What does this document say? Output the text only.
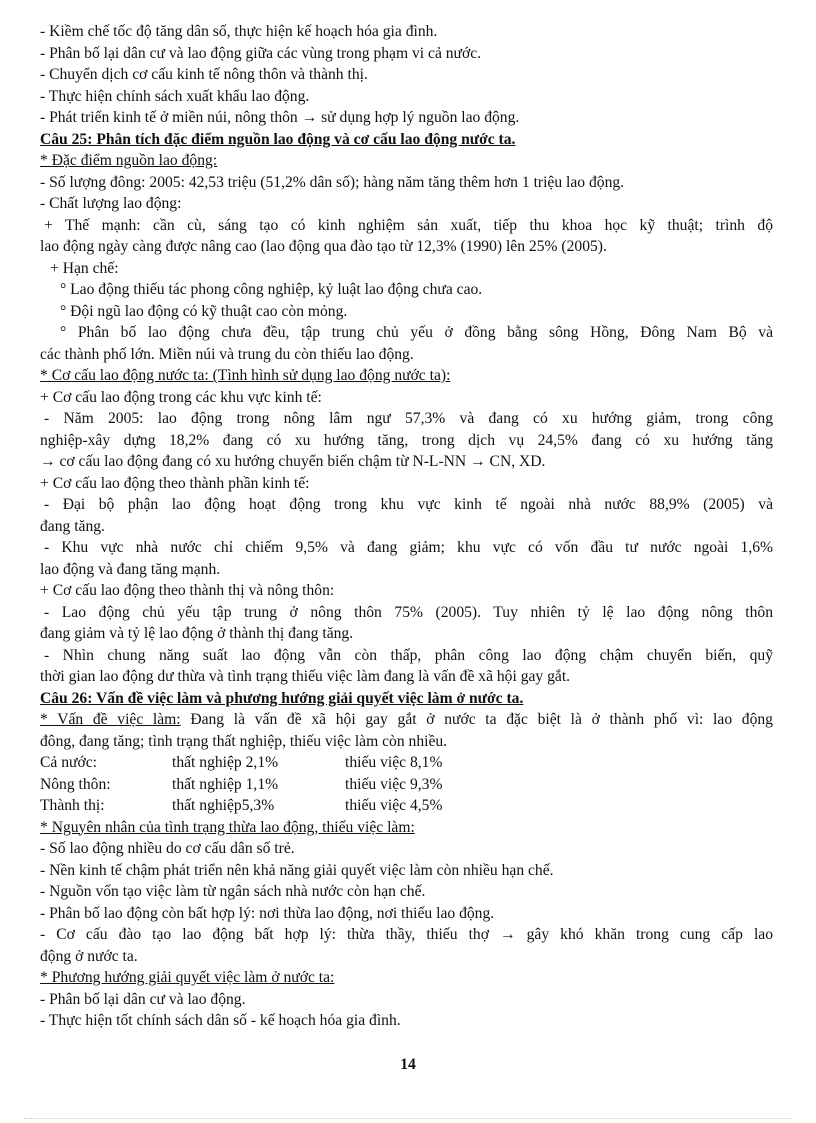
- Kiềm chế tốc độ tăng dân số, thực hiện kế hoạch hóa gia đình.
- Phân bố lại dân cư và lao động giữa các vùng trong phạm vi cả nước.
- Chuyển dịch cơ cấu kinh tế nông thôn và thành thị.
- Thực hiện chính sách xuất khẩu lao động.
- Phát triển kinh tế ở miền núi, nông thôn → sử dụng hợp lý nguồn lao động.
Câu 25: Phân tích đặc điểm nguồn lao động và cơ cấu lao động nước ta.
* Đặc điểm nguồn lao động:
- Số lượng đông: 2005: 42,53 triệu (51,2% dân số); hàng năm tăng thêm hơn 1 triệu lao động.
- Chất lượng lao động:
+ Thế mạnh: cần cù, sáng tạo có kinh nghiệm sản xuất, tiếp thu khoa học kỹ thuật; trình độ
lao động ngày càng được nâng cao (lao động qua đào tạo từ 12,3% (1990) lên 25% (2005).
+ Hạn chế:
° Lao động thiếu tác phong công nghiệp, kỷ luật lao động chưa cao.
° Đội ngũ lao động có kỹ thuật cao còn mỏng.
° Phân bố lao động chưa đều, tập trung chủ yếu ở đồng bằng sông Hồng, Đông Nam Bộ và
các thành phố lớn. Miền núi và trung du còn thiếu lao động.
* Cơ cấu lao động nước ta: (Tình hình sử dụng lao động nước ta):
+ Cơ cấu lao động trong các khu vực kinh tế:
- Năm 2005: lao động trong nông lâm ngư 57,3% và đang có xu hướng giảm, trong công
nghiệp-xây dựng 18,2% đang có xu hướng tăng, trong dịch vụ 24,5% đang có xu hướng tăng
→ cơ cấu lao động đang có xu hướng chuyển biến chậm từ N-L-NN → CN, XD.
+ Cơ cấu lao động theo thành phần kinh tế:
- Đại bộ phận lao động hoạt động trong khu vực kinh tế ngoài nhà nước 88,9% (2005) và
đang tăng.
- Khu vực nhà nước chỉ chiếm 9,5% và đang giảm; khu vực có vốn đầu tư nước ngoài 1,6%
lao động và đang tăng mạnh.
+ Cơ cấu lao động theo thành thị và nông thôn:
- Lao động chủ yếu tập trung ở nông thôn 75% (2005). Tuy nhiên tỷ lệ lao động nông thôn
đang giảm và tỷ lệ lao động ở thành thị đang tăng.
- Nhìn chung năng suất lao động vẫn còn thấp, phân công lao động chậm chuyển biến, quỹ
thời gian lao động dư thừa và tình trạng thiếu việc làm đang là vấn đề xã hội gay gắt.
Câu 26: Vấn đề việc làm và phương hướng giải quyết việc làm ở nước ta.
* Vấn đề việc làm: Đang là vấn đề xã hội gay gắt ở nước ta đặc biệt là ở thành phố vì: lao động
đông, đang tăng; tình trạng thất nghiệp, thiếu việc làm còn nhiều.
Cả nước:	thất nghiệp 2,1%	thiếu việc 8,1%
Nông thôn:	thất nghiệp 1,1%	thiếu việc 9,3%
Thành thị:	thất nghiệp5,3%	thiếu việc 4,5%
* Nguyên nhân của tình trạng thừa lao động, thiếu việc làm:
- Số lao động nhiều do cơ cấu dân số trẻ.
- Nền kinh tế chậm phát triển nên khả năng giải quyết việc làm còn nhiều hạn chế.
- Nguồn vốn tạo việc làm từ ngân sách nhà nước còn hạn chế.
- Phân bố lao động còn bất hợp lý: nơi thừa lao động, nơi thiếu lao động.
- Cơ cấu đào tạo lao động bất hợp lý: thừa thầy, thiếu thợ → gây khó khăn trong cung cấp lao
động ở nước ta.
* Phương hướng giải quyết việc làm ở nước ta:
- Phân bố lại dân cư và lao động.
- Thực hiện tốt chính sách dân số - kế hoạch hóa gia đình.
14
